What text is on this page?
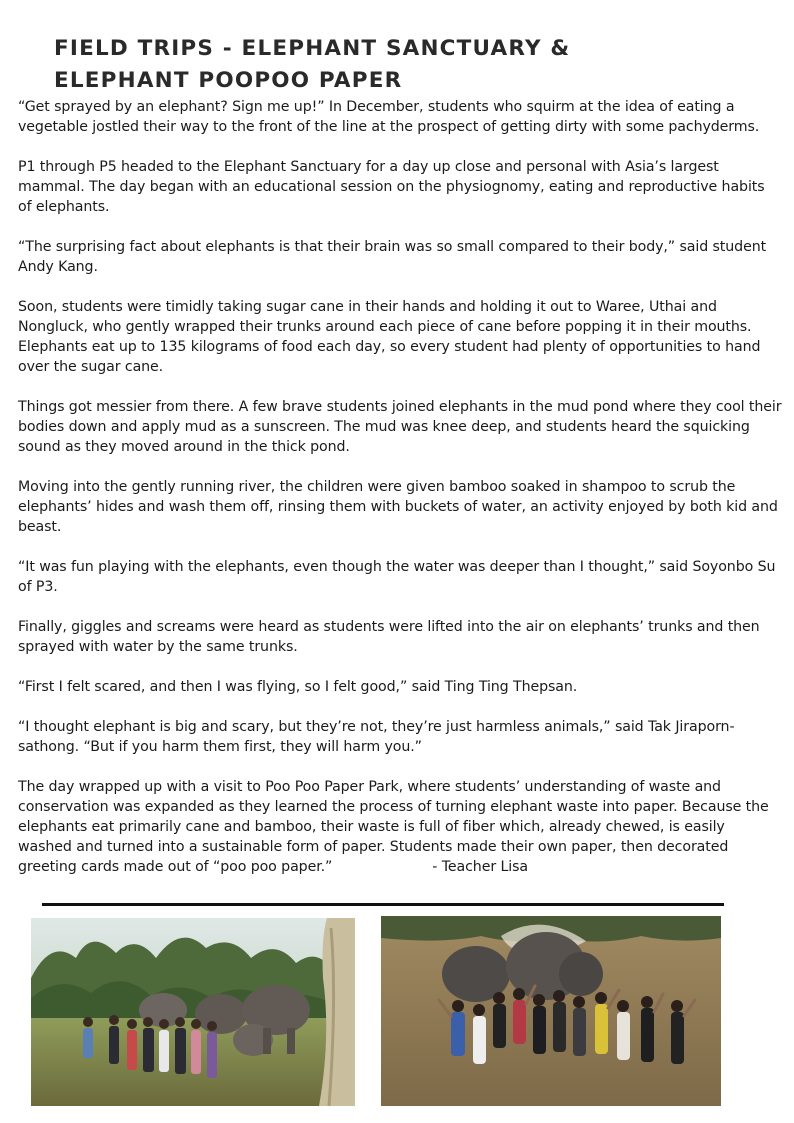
FIELD TRIPS - ELEPHANT SANCTUARY &
ELEPHANT POOPOO PAPER

“Get sprayed by an elephant? Sign me up!” In December, students who squirm at the idea of eating a vegetable jostled their way to the front of the line at the prospect of getting dirty with some pachyderms.

P1 through P5 headed to the Elephant Sanctuary for a day up close and personal with Asia’s largest mammal. The day began with an educational session on the physiognomy, eating and reproductive habits of elephants.

“The surprising fact about elephants is that their brain was so small compared to their body,” said student Andy Kang.

Soon, students were timidly taking sugar cane in their hands and holding it out to Waree, Uthai and Nongluck, who gently wrapped their trunks around each piece of cane before popping it in their mouths. Elephants eat up to 135 kilograms of food each day, so every student had plenty of opportunities to hand over the sugar cane.

Things got messier from there. A few brave students joined elephants in the mud pond where they cool their bodies down and apply mud as a sunscreen. The mud was knee deep, and students heard the squicking sound as they moved around in the thick pond.

Moving into the gently running river, the children were given bamboo soaked in shampoo to scrub the elephants’ hides and wash them off, rinsing them with buckets of water, an activity enjoyed by both kid and beast.

“It was fun playing with the elephants, even though the water was deeper than I thought,” said Soyonbo Su of P3.

Finally, giggles and screams were heard as students were lifted into the air on elephants’ trunks and then sprayed with water by the same trunks.

“First I felt scared, and then I was flying, so I felt good,” said Ting Ting Thepsan.

“I thought elephant is big and scary, but they’re not, they’re just harmless animals,” said Tak Jirapornsathong. “But if you harm them first, they will harm you.”

The day wrapped up with a visit to Poo Poo Paper Park, where students’ understanding of waste and conservation was expanded as they learned the process of turning elephant waste into paper. Because the elephants eat primarily cane and bamboo, their waste is full of fiber which, already chewed, is easily washed and turned into a sustainable form of paper. Students made their own paper, then decorated greeting cards made out of “poo poo paper.”	- Teacher Lisa
